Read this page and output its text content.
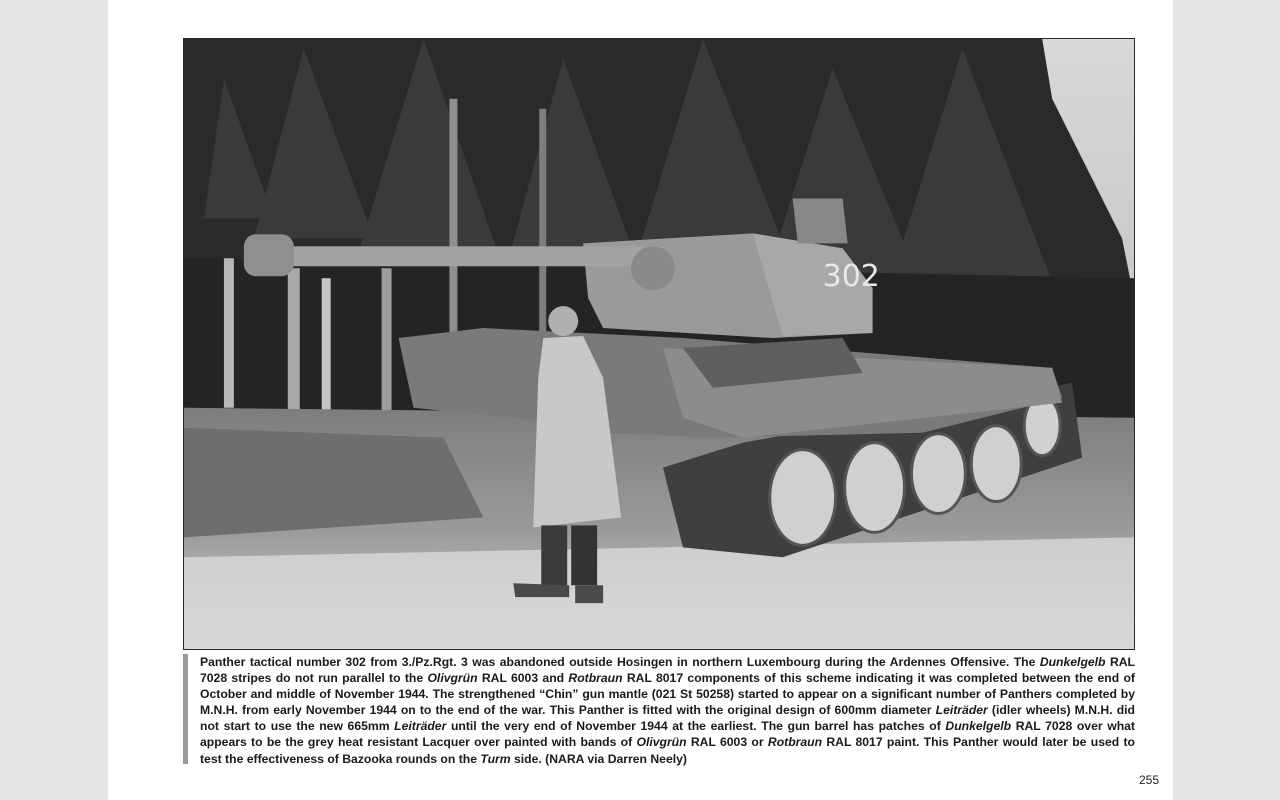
302
Panther tactical number 302 from 3./Pz.Rgt. 3 was abandoned outside Hosingen in northern Luxembourg during the Ardennes Offensive. The Dunkelgelb RAL 7028 stripes do not run parallel to the Olivgrün RAL 6003 and Rotbraun RAL 8017 components of this scheme indicating it was completed between the end of October and middle of November 1944. The strengthened “Chin” gun mantle (021 St 50258) started to appear on a significant number of Panthers completed by M.N.H. from early November 1944 on to the end of the war. This Panther is fitted with the original design of 600mm diameter Leiträder (idler wheels) M.N.H. did not start to use the new 665mm Leiträder until the very end of November 1944 at the earliest. The gun barrel has patches of Dunkelgelb RAL 7028 over what appears to be the grey heat resistant Lacquer over painted with bands of Olivgrün RAL 6003 or Rotbraun RAL 8017 paint. This Panther would later be used to test the effectiveness of Bazooka rounds on the Turm side. (NARA via Darren Neely)
255
